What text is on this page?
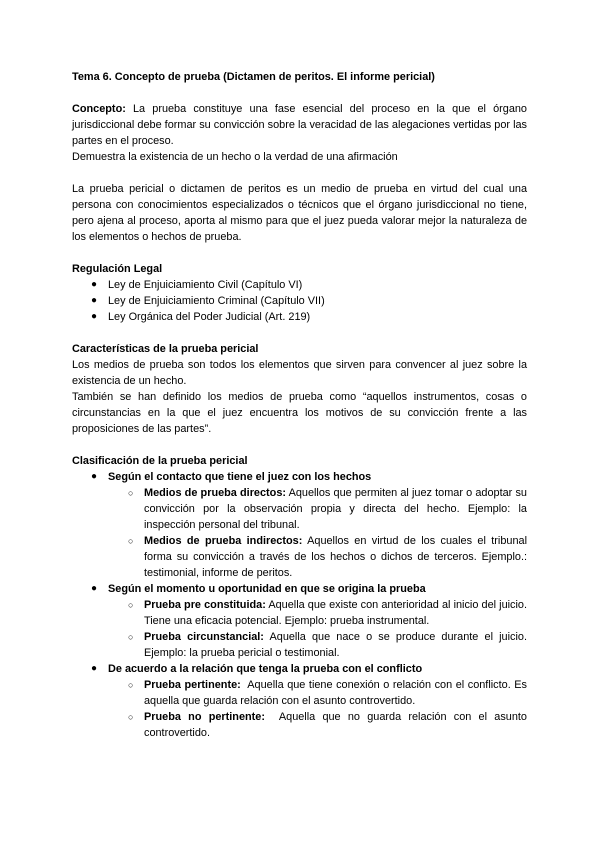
Tema 6. Concepto de prueba (Dictamen de peritos. El informe pericial)

Concepto: La prueba constituye una fase esencial del proceso en la que el órgano jurisdiccional debe formar su convicción sobre la veracidad de las alegaciones vertidas por las partes en el proceso.

Demuestra la existencia de un hecho o la verdad de una afirmación

La prueba pericial o dictamen de peritos es un medio de prueba en virtud del cual una persona con conocimientos especializados o técnicos que el órgano jurisdiccional no tiene, pero ajena al proceso, aporta al mismo para que el juez pueda valorar mejor la naturaleza de los elementos o hechos de prueba.

Regulación Legal

● Ley de Enjuiciamiento Civil (Capítulo VI)
● Ley de Enjuiciamiento Criminal (Capítulo VII)
● Ley Orgánica del Poder Judicial (Art. 219)

Características de la prueba pericial

Los medios de prueba son todos los elementos que sirven para convencer al juez sobre la existencia de un hecho.

También se han definido los medios de prueba como “aquellos instrumentos, cosas o circunstancias en la que el juez encuentra los motivos de su convicción frente a las proposiciones de las partes”.

Clasificación de la prueba pericial

● Según el contacto que tiene el juez con los hechos
○ Medios de prueba directos: Aquellos que permiten al juez tomar o adoptar su convicción por la observación propia y directa del hecho. Ejemplo: la inspección personal del tribunal.
○ Medios de prueba indirectos: Aquellos en virtud de los cuales el tribunal forma su convicción a través de los hechos o dichos de terceros. Ejemplo.: testimonial, informe de peritos.
● Según el momento u oportunidad en que se origina la prueba
○ Prueba pre constituida: Aquella que existe con anterioridad al inicio del juicio. Tiene una eficacia potencial. Ejemplo: prueba instrumental.
○ Prueba circunstancial: Aquella que nace o se produce durante el juicio. Ejemplo: la prueba pericial o testimonial.
● De acuerdo a la relación que tenga la prueba con el conflicto
○ Prueba pertinente: Aquella que tiene conexión o relación con el conflicto. Es aquella que guarda relación con el asunto controvertido.
○ Prueba no pertinente: Aquella que no guarda relación con el asunto controvertido.
